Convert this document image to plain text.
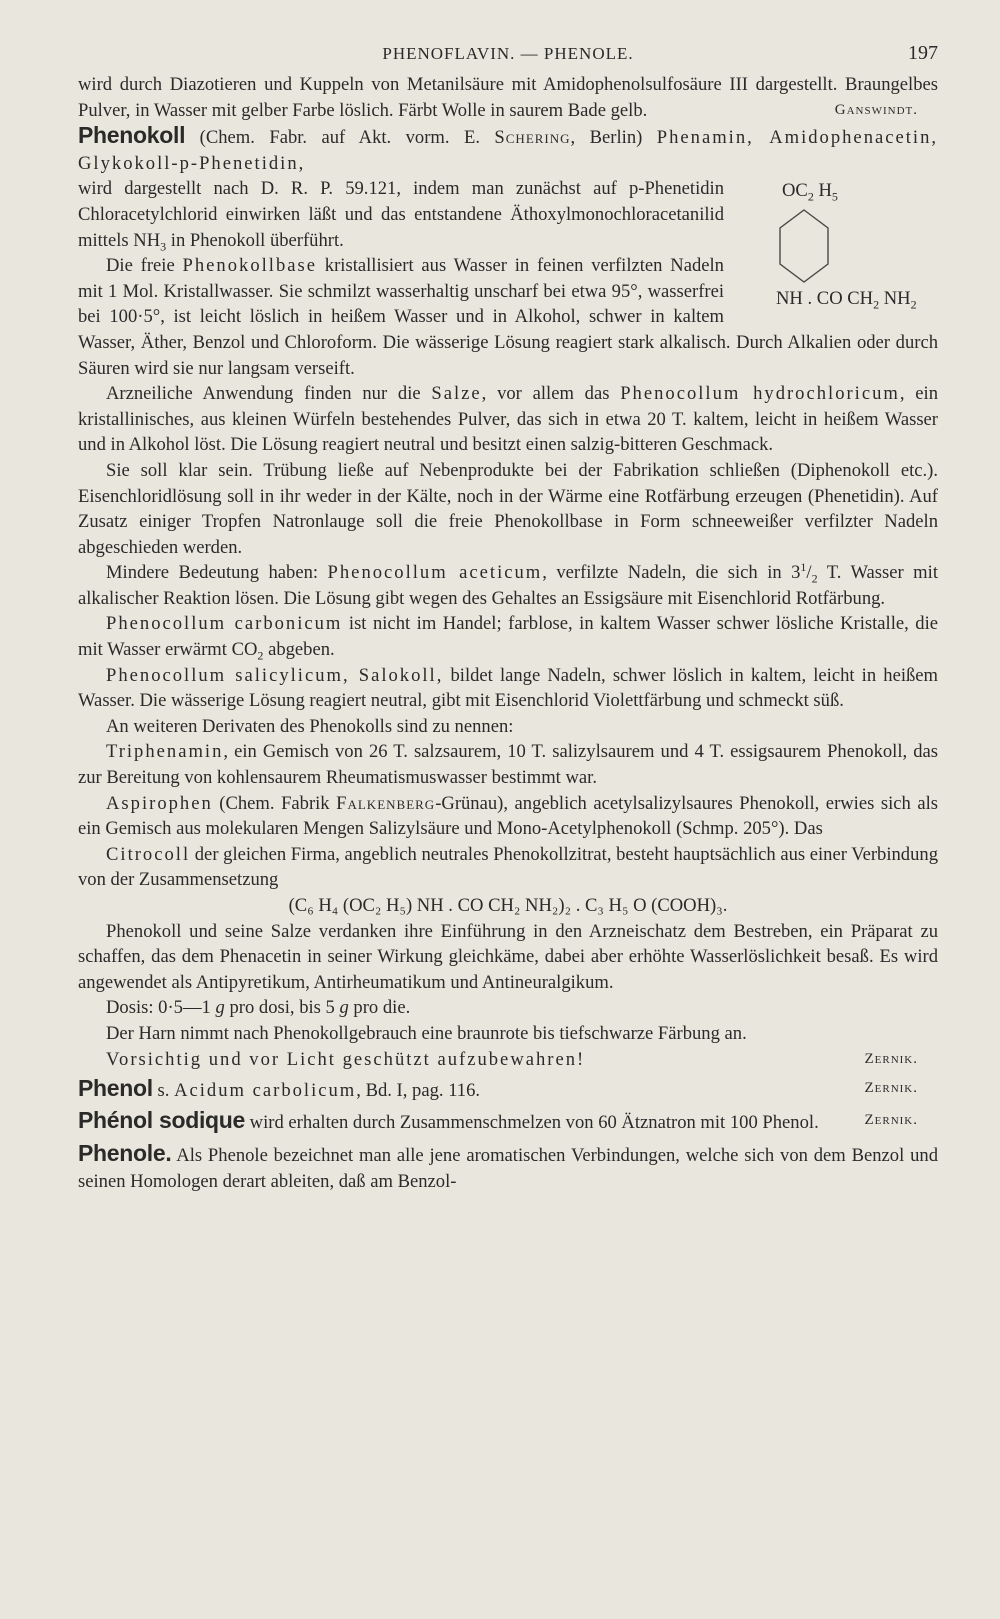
PHENOFLAVIN. — PHENOLE.	197

wird durch Diazotieren und Kuppeln von Metanilsäure mit Amidophenolsulfosäure III dargestellt. Braungelbes Pulver, in Wasser mit gelber Farbe löslich. Färbt Wolle in saurem Bade gelb.	Ganswindt.

Phenokoll (Chem. Fabr. auf Akt. vorm. E. Schering, Berlin) Phenamin, Amidophenacetin, Glykokoll-p-Phenetidin,

$OC_2$ $H_5$
NH . CO $CH_2$ $NH_2$

wird dargestellt nach D. R. P. 59.121, indem man zunächst auf p-Phenetidin Chloracetylchlorid einwirken läßt und das entstandene Äthoxylmonochloracetanilid mittels $NH_3$ in Phenokoll überführt.

Die freie Phenokollbase kristallisiert aus Wasser in feinen verfilzten Nadeln mit 1 Mol. Kristallwasser. Sie schmilzt wasserhaltig unscharf bei etwa 95°, wasserfrei bei 100·5°, ist leicht löslich in heißem Wasser und in Alkohol, schwer in kaltem Wasser, Äther, Benzol und Chloroform. Die wässerige Lösung reagiert stark alkalisch. Durch Alkalien oder durch Säuren wird sie nur langsam verseift.

Arzneiliche Anwendung finden nur die Salze, vor allem das Phenocollum hydrochloricum, ein kristallinisches, aus kleinen Würfeln bestehendes Pulver, das sich in etwa 20 T. kaltem, leicht in heißem Wasser und in Alkohol löst. Die Lösung reagiert neutral und besitzt einen salzig-bitteren Geschmack.

Sie soll klar sein. Trübung ließe auf Nebenprodukte bei der Fabrikation schließen (Diphenokoll etc.). Eisenchloridlösung soll in ihr weder in der Kälte, noch in der Wärme eine Rotfärbung erzeugen (Phenetidin). Auf Zusatz einiger Tropfen Natronlauge soll die freie Phenokollbase in Form schneeweißer verfilzter Nadeln abgeschieden werden.

Mindere Bedeutung haben: Phenocollum aceticum, verfilzte Nadeln, die sich in $3^1/_2$ T. Wasser mit alkalischer Reaktion lösen. Die Lösung gibt wegen des Gehaltes an Essigsäure mit Eisenchlorid Rotfärbung.

Phenocollum carbonicum ist nicht im Handel; farblose, in kaltem Wasser schwer lösliche Kristalle, die mit Wasser erwärmt $CO_2$ abgeben.

Phenocollum salicylicum, Salokoll, bildet lange Nadeln, schwer löslich in kaltem, leicht in heißem Wasser. Die wässerige Lösung reagiert neutral, gibt mit Eisenchlorid Violettfärbung und schmeckt süß.

An weiteren Derivaten des Phenokolls sind zu nennen:

Triphenamin, ein Gemisch von 26 T. salzsaurem, 10 T. salizylsaurem und 4 T. essigsaurem Phenokoll, das zur Bereitung von kohlensaurem Rheumatismuswasser bestimmt war.

Aspirophen (Chem. Fabrik Falkenberg-Grünau), angeblich acetylsalizylsaures Phenokoll, erwies sich als ein Gemisch aus molekularen Mengen Salizylsäure und Mono-Acetylphenokoll (Schmp. 205°). Das

Citrocoll der gleichen Firma, angeblich neutrales Phenokollzitrat, besteht hauptsächlich aus einer Verbindung von der Zusammensetzung

(C₆ H₄ (OC₂ H₅) NH . CO CH₂ NH₂)₂ . C₃ H₅ O (COOH)₃.

Phenokoll und seine Salze verdanken ihre Einführung in den Arzneischatz dem Bestreben, ein Präparat zu schaffen, das dem Phenacetin in seiner Wirkung gleichkäme, dabei aber erhöhte Wasserlöslichkeit besaß. Es wird angewendet als Antipyretikum, Antirheumatikum und Antineuralgikum.

Dosis: 0·5—1 g pro dosi, bis 5 g pro die.

Der Harn nimmt nach Phenokollgebrauch eine braunrote bis tiefschwarze Färbung an.

Vorsichtig und vor Licht geschützt aufzubewahren!	Zernik.

Phenol s. Acidum carbolicum, Bd. I, pag. 116.	Zernik.

Phénol sodique wird erhalten durch Zusammenschmelzen von 60 Ätznatron mit 100 Phenol.	Zernik.

Phenole. Als Phenole bezeichnet man alle jene aromatischen Verbindungen, welche sich von dem Benzol und seinen Homologen derart ableiten, daß am Benzol-
